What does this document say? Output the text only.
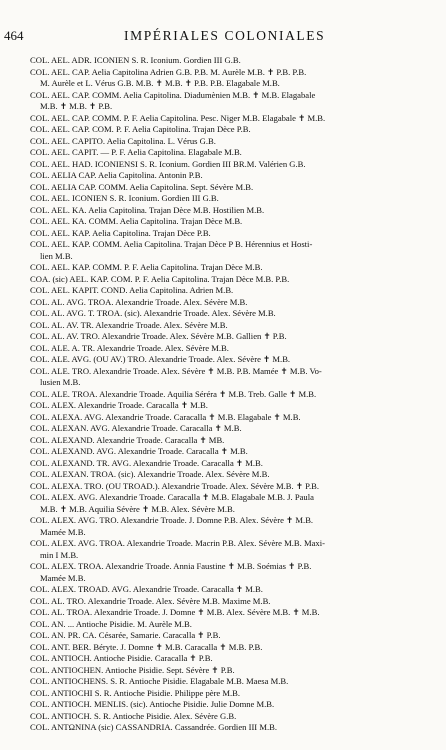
464	IMPÉRIALES COLONIALES
COL. AEL. ADR. ICONIEN S. R. Iconium. Gordien III G.B.
COL. AEL. CAP. Aelia Capitolina Adrien G.B. P.B. M. Aurèle M.B. ✝ P.B. P.B.
M. Aurèle et L. Vérus G.B. M.B. ✝ M.B. ✝ P.B. P.B. Elagabale M.B.
COL. AEL. CAP. COMM. Aelia Capitolina. Diadumènien M.B. ✝ M.B. Elagabale
M.B. ✝ M.B. ✝ P.B.
COL. AEL. CAP. COMM. P. F. Aelia Capitolina. Pesc. Niger M.B. Elagabale ✝ M.B.
COL. AEL. CAP. COM. P. F. Aelia Capitolina. Trajan Dèce P.B.
COL. AEL. CAPITO. Aelia Capitolina. L. Vérus G.B.
COL. AEL. CAPIT. — P. F. Aelia Capitolina. Elagabale M.B.
COL. AEL. HAD. ICONIENSI S. R. Iconium. Gordien III BR.M. Valérien G.B.
COL. AELIA CAP. Aelia Capitolina. Antonin P.B.
COL. AELIA CAP. COMM. Aelia Capitolina. Sept. Sévère M.B.
COL. AEL. ICONIEN S. R. Iconium. Gordien III G.B.
COL. AEL. KA. Aelia Capitolina. Trajan Dèce M.B. Hostilien M.B.
COL. AEL. KA. COMM. Aelia Capitolina. Trajan Dèce M.B.
COL. AEL. KAP. Aelia Capitolina. Trajan Dèce P.B.
COL. AEL. KAP. COMM. Aelia Capitolina. Trajan Dèce P B. Hérennius et Hosti-
lien M.B.
COL. AEL. KAP. COMM. P. F. Aelia Capitolina. Trajan Dèce M.B.
COA. (sic) AEL. KAP. COM. P. F. Aelia Capitolina. Trajan Dèce M.B. P.B.
COL. AEL. KAPIT. COND. Aelia Capitolina. Adrien M.B.
COL. AL. AVG. TROA. Alexandrie Troade. Alex. Sévère M.B.
COL. AL. AVG. T. TROA. (sic). Alexandrie Troade. Alex. Sévère M.B.
COL. AL. AV. TR. Alexandrie Troade. Alex. Sévère M.B.
COL. AL. AV. TRO. Alexandrie Troade. Alex. Sévère M.B. Gallien ✝ P.B.
COL. ALE. A. TR. Alexandrie Troade. Alex. Sévère M.B.
COL. ALE. AVG. (OU AV.) TRO. Alexandrie Troade. Alex. Sévère ✝ M.B.
COL. ALE. TRO. Alexandrie Troade. Alex. Sévère ✝ M.B. P.B. Mamée ✝ M.B. Vo-
lusien M.B.
COL. ALE. TROA. Alexandrie Troade. Aquilia Séréra ✝ M.B. Treb. Galle ✝ M.B.
COL. ALEX. Alexandrie Troade. Caracalla ✝ M.B.
COL. ALEXA. AVG. Alexandrie Troade. Caracalla ✝ M.B. Elagabale ✝ M.B.
COL. ALEXAN. AVG. Alexandrie Troade. Caracalla ✝ M.B.
COL. ALEXAND. Alexandrie Troade. Caracalla ✝ MB.
COL. ALEXAND. AVG. Alexandrie Troade. Caracalla ✝ M.B.
COL. ALEXAND. TR. AVG. Alexandrie Troade. Caracalla ✝ M.B.
COL. ALEXAN. TROA. (sic). Alexandrie Troade. Alex. Sévère M.B.
COL. ALEXA. TRO. (OU TROAD.). Alexandrie Troade. Alex. Sévère M.B. ✝ P.B.
COL. ALEX. AVG. Alexandrie Troade. Caracalla ✝ M.B. Elagabale M.B. J. Paula
M.B. ✝ M.B. Aquilia Sévère ✝ M.B. Alex. Sévère M.B.
COL. ALEX. AVG. TRO. Alexandrie Troade. J. Domne P.B. Alex. Sévère ✝ M.B.
Mamée M.B.
COL. ALEX. AVG. TROA. Alexandrie Troade. Macrin P.B. Alex. Sévère M.B. Maxi-
min I M.B.
COL. ALEX. TROA. Alexandrie Troade. Annia Faustine ✝ M.B. Soémias ✝ P.B.
Mamée M.B.
COL. ALEX. TROAD. AVG. Alexandrie Troade. Caracalla ✝ M.B.
COL. AL. TRO. Alexandrie Troade. Alex. Sévère M.B. Maxime M.B.
COL. AL. TROA. Alexandrie Troade. J. Domne ✝ M.B. Alex. Sévère M.B. ✝ M.B.
COL. AN. ... Antioche Pisidie. M. Aurèle M.B.
COL. AN. PR. CA. Césarée, Samarie. Caracalla ✝ P.B.
COL. ANT. BER. Béryte. J. Domne ✝ M.B. Caracalla ✝ M.B. P.B.
COL. ANTIOCH. Antioche Pisidie. Caracalla ✝ P.B.
COL. ANTIOCHEN. Antioche Pisidie. Sept. Sévère ✝ P.B.
COL. ANTIOCHENS. S. R. Antioche Pisidie. Elagabale M.B. Maesa M.B.
COL. ANTIOCHI S. R. Antioche Pisidie. Philippe père M.B.
COL. ANTIOCH. MENLIS. (sic). Antioche Pisidie. Julie Domne M.B.
COL. ANTIOCH. S. R. Antioche Pisidie. Alex. Sévère G.B.
COL. ANTΩNINA (sic) CASSANDRIA. Cassandrée. Gordien III M.B.
